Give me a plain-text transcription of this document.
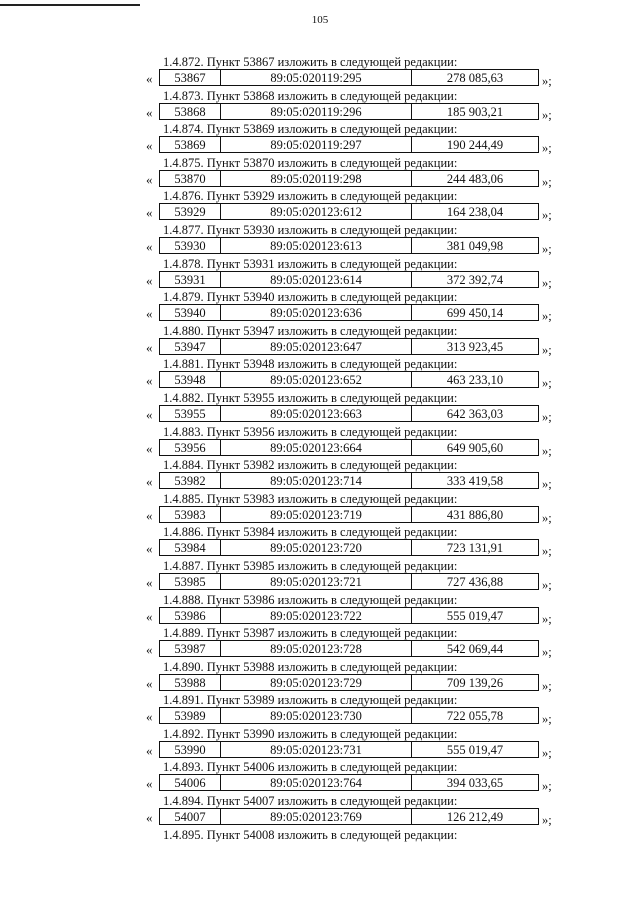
105
1.4.872. Пункт 53867 изложить в следующей редакции:
«	53867	89:05:020119:295	278 085,63	»;
1.4.873. Пункт 53868 изложить в следующей редакции:
«	53868	89:05:020119:296	185 903,21	»;
1.4.874. Пункт 53869 изложить в следующей редакции:
«	53869	89:05:020119:297	190 244,49	»;
1.4.875. Пункт 53870 изложить в следующей редакции:
«	53870	89:05:020119:298	244 483,06	»;
1.4.876. Пункт 53929 изложить в следующей редакции:
«	53929	89:05:020123:612	164 238,04	»;
1.4.877. Пункт 53930 изложить в следующей редакции:
«	53930	89:05:020123:613	381 049,98	»;
1.4.878. Пункт 53931 изложить в следующей редакции:
«	53931	89:05:020123:614	372 392,74	»;
1.4.879. Пункт 53940 изложить в следующей редакции:
«	53940	89:05:020123:636	699 450,14	»;
1.4.880. Пункт 53947 изложить в следующей редакции:
«	53947	89:05:020123:647	313 923,45	»;
1.4.881. Пункт 53948 изложить в следующей редакции:
«	53948	89:05:020123:652	463 233,10	»;
1.4.882. Пункт 53955 изложить в следующей редакции:
«	53955	89:05:020123:663	642 363,03	»;
1.4.883. Пункт 53956 изложить в следующей редакции:
«	53956	89:05:020123:664	649 905,60	»;
1.4.884. Пункт 53982 изложить в следующей редакции:
«	53982	89:05:020123:714	333 419,58	»;
1.4.885. Пункт 53983 изложить в следующей редакции:
«	53983	89:05:020123:719	431 886,80	»;
1.4.886. Пункт 53984 изложить в следующей редакции:
«	53984	89:05:020123:720	723 131,91	»;
1.4.887. Пункт 53985 изложить в следующей редакции:
«	53985	89:05:020123:721	727 436,88	»;
1.4.888. Пункт 53986 изложить в следующей редакции:
«	53986	89:05:020123:722	555 019,47	»;
1.4.889. Пункт 53987 изложить в следующей редакции:
«	53987	89:05:020123:728	542 069,44	»;
1.4.890. Пункт 53988 изложить в следующей редакции:
«	53988	89:05:020123:729	709 139,26	»;
1.4.891. Пункт 53989 изложить в следующей редакции:
«	53989	89:05:020123:730	722 055,78	»;
1.4.892. Пункт 53990 изложить в следующей редакции:
«	53990	89:05:020123:731	555 019,47	»;
1.4.893. Пункт 54006 изложить в следующей редакции:
«	54006	89:05:020123:764	394 033,65	»;
1.4.894. Пункт 54007 изложить в следующей редакции:
«	54007	89:05:020123:769	126 212,49	»;
1.4.895. Пункт 54008 изложить в следующей редакции:
